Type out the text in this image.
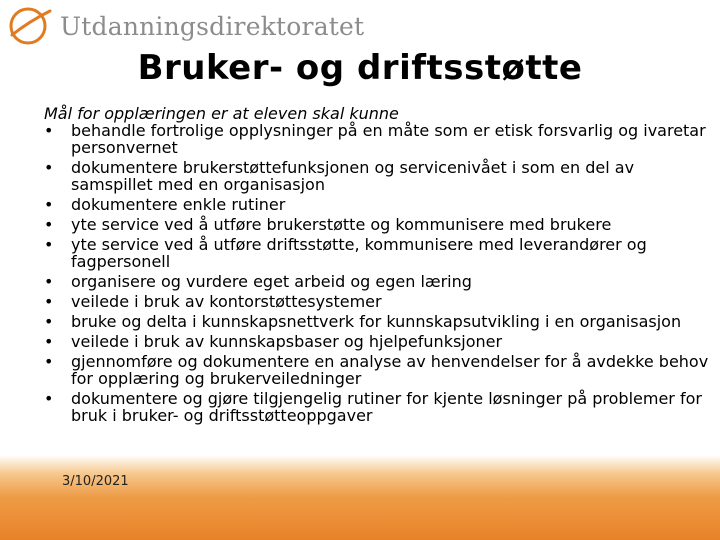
Utdanningsdirektoratet
Bruker- og driftsstøtte
Mål for opplæringen er at eleven skal kunne
• behandle fortrolige opplysninger på en måte som er etisk forsvarlig og ivaretar personvernet
• dokumentere brukerstøttefunksjonen og servicenivået i som en del av samspillet med en organisasjon
• dokumentere enkle rutiner
• yte service ved å utføre brukerstøtte og kommunisere med brukere
• yte service ved å utføre driftsstøtte, kommunisere med leverandører og fagpersonell
• organisere og vurdere eget arbeid og egen læring
• veilede i bruk av kontorstøttesystemer
• bruke og delta i kunnskapsnettverk for kunnskapsutvikling i en organisasjon
• veilede i bruk av kunnskapsbaser og hjelpefunksjoner
• gjennomføre og dokumentere en analyse av henvendelser for å avdekke behov for opplæring og brukerveiledninger
• dokumentere og gjøre tilgjengelig rutiner for kjente løsninger på problemer for bruk i bruker- og driftsstøtteoppgaver
3/10/2021
